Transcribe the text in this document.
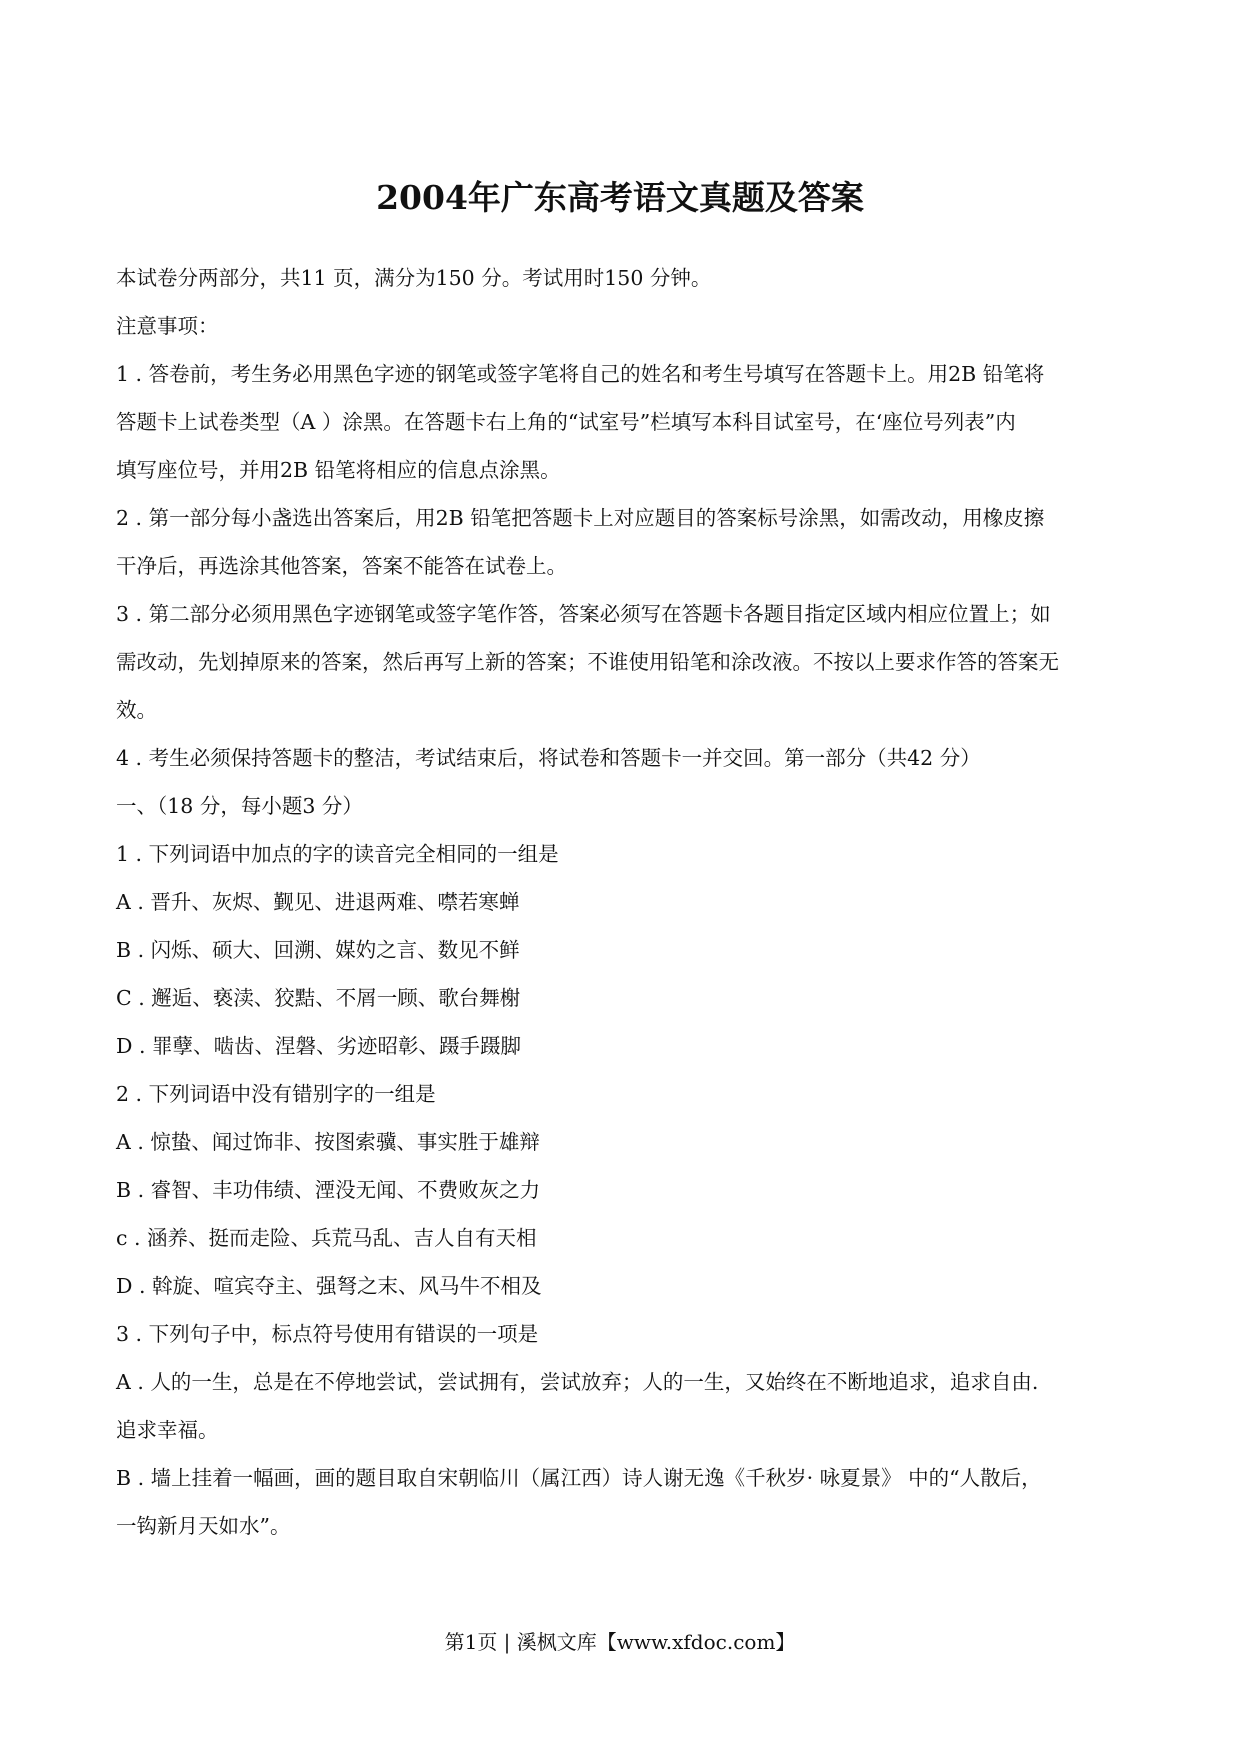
2004年广东高考语文真题及答案
本试卷分两部分，共11 页，满分为150 分。考试用时150 分钟。
注意事项：
1 . 答卷前，考生务必用黑色字迹的钢笔或签字笔将自己的姓名和考生号填写在答题卡上。用2B 铅笔将
答题卡上试卷类型（A ）涂黑。在答题卡右上角的“试室号”栏填写本科目试室号，在‘座位号列表”内
填写座位号，并用2B 铅笔将相应的信息点涂黑。
2 . 第一部分每小盏选出答案后，用2B 铅笔把答题卡上对应题目的答案标号涂黑，如需改动，用橡皮擦
干净后，再选涂其他答案，答案不能答在试卷上。
3 . 第二部分必须用黑色字迹钢笔或签字笔作答，答案必须写在答题卡各题目指定区域内相应位置上；如
需改动，先划掉原来的答案，然后再写上新的答案；不谁使用铅笔和涂改液。不按以上要求作答的答案无
效。
4 . 考生必须保持答题卡的整洁，考试结束后，将试卷和答题卡一并交回。第一部分（共42 分）
一、（18 分，每小题3 分）
1 . 下列词语中加点的字的读音完全相同的一组是
A . 晋升、灰烬、觐见、进退两难、噤若寒蝉
B . 闪烁、硕大、回溯、媒妁之言、数见不鲜
C . 邂逅、亵渎、狡黠、不屑一顾、歌台舞榭
D . 罪孽、啮齿、涅磐、劣迹昭彰、蹑手蹑脚
2 . 下列词语中没有错别字的一组是
A . 惊蛰、闻过饰非、按图索骥、事实胜于雄辩
B . 睿智、丰功伟绩、湮没无闻、不费败灰之力
c . 涵养、挺而走险、兵荒马乱、吉人自有天相
D . 斡旋、喧宾夺主、强弩之末、风马牛不相及
3 . 下列句子中，标点符号使用有错误的一项是
A . 人的一生，总是在不停地尝试，尝试拥有，尝试放弃；人的一生，又始终在不断地追求，追求自由.
追求幸福。
B . 墙上挂着一幅画，画的题目取自宋朝临川（属江西）诗人谢无逸《千秋岁· 咏夏景》 中的“人散后，
一钩新月天如水”。
第1页 | 溪枫文库【www.xfdoc.com】
